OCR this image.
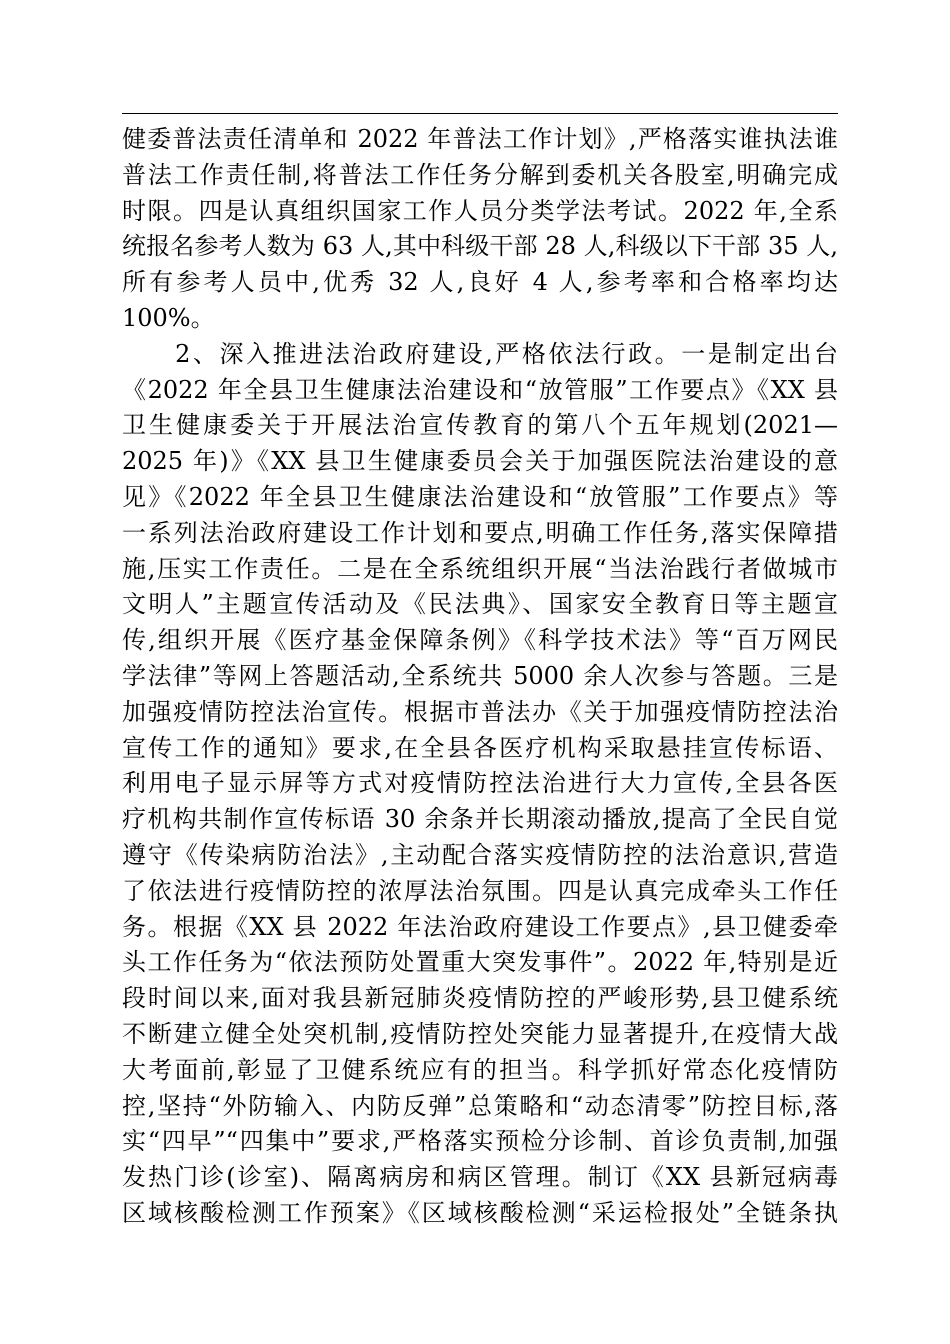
健委普法责任清单和 2022 年普法工作计划》,严格落实谁执法谁
普法工作责任制,将普法工作任务分解到委机关各股室,明确完成
时限。四是认真组织国家工作人员分类学法考试。2022 年,全系
统报名参考人数为 63 人,其中科级干部 28 人,科级以下干部 35 人,
所有参考人员中,优秀 32 人,良好 4 人,参考率和合格率均达
100%。
　　2、深入推进法治政府建设,严格依法行政。一是制定出台
《2022 年全县卫生健康法治建设和“放管服”工作要点》《XX 县
卫生健康委关于开展法治宣传教育的第八个五年规划(2021—
2025 年)》《XX 县卫生健康委员会关于加强医院法治建设的意
见》《2022 年全县卫生健康法治建设和“放管服”工作要点》等
一系列法治政府建设工作计划和要点,明确工作任务,落实保障措
施,压实工作责任。二是在全系统组织开展“当法治践行者做城市
文明人”主题宣传活动及《民法典》、国家安全教育日等主题宣
传,组织开展《医疗基金保障条例》《科学技术法》等“百万网民
学法律”等网上答题活动,全系统共 5000 余人次参与答题。三是
加强疫情防控法治宣传。根据市普法办《关于加强疫情防控法治
宣传工作的通知》要求,在全县各医疗机构采取悬挂宣传标语、
利用电子显示屏等方式对疫情防控法治进行大力宣传,全县各医
疗机构共制作宣传标语 30 余条并长期滚动播放,提高了全民自觉
遵守《传染病防治法》,主动配合落实疫情防控的法治意识,营造
了依法进行疫情防控的浓厚法治氛围。四是认真完成牵头工作任
务。根据《XX 县 2022 年法治政府建设工作要点》,县卫健委牵
头工作任务为“依法预防处置重大突发事件”。2022 年,特别是近
段时间以来,面对我县新冠肺炎疫情防控的严峻形势,县卫健系统
不断建立健全处突机制,疫情防控处突能力显著提升,在疫情大战
大考面前,彰显了卫健系统应有的担当。科学抓好常态化疫情防
控,坚持“外防输入、内防反弹”总策略和“动态清零”防控目标,落
实“四早”“四集中”要求,严格落实预检分诊制、首诊负责制,加强
发热门诊(诊室)、隔离病房和病区管理。制订《XX 县新冠病毒
区域核酸检测工作预案》《区域核酸检测“采运检报处”全链条执
